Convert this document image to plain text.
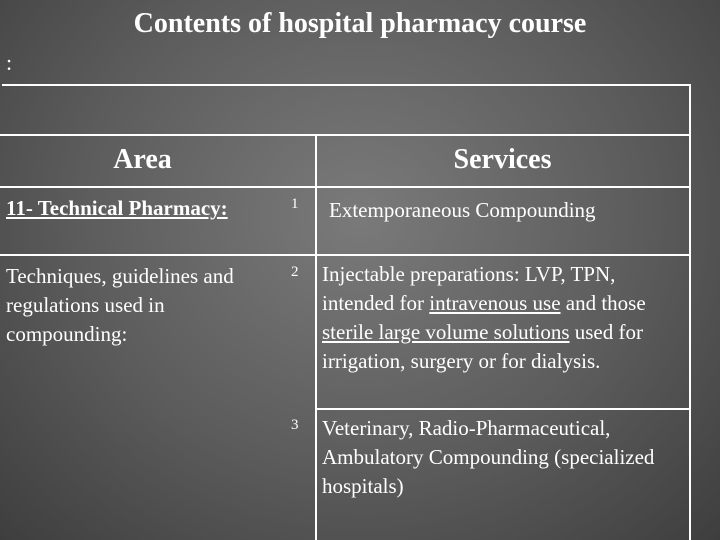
Contents of hospital pharmacy course
:
Area	Services
11- Technical Pharmacy:
Techniques, guidelines and regulations used in compounding:
1 Extemporaneous Compounding
2 Injectable preparations: LVP, TPN, intended for intravenous use and those sterile large volume solutions used for irrigation, surgery or for dialysis.
3 Veterinary, Radio-Pharmaceutical, Ambulatory Compounding (specialized hospitals)
